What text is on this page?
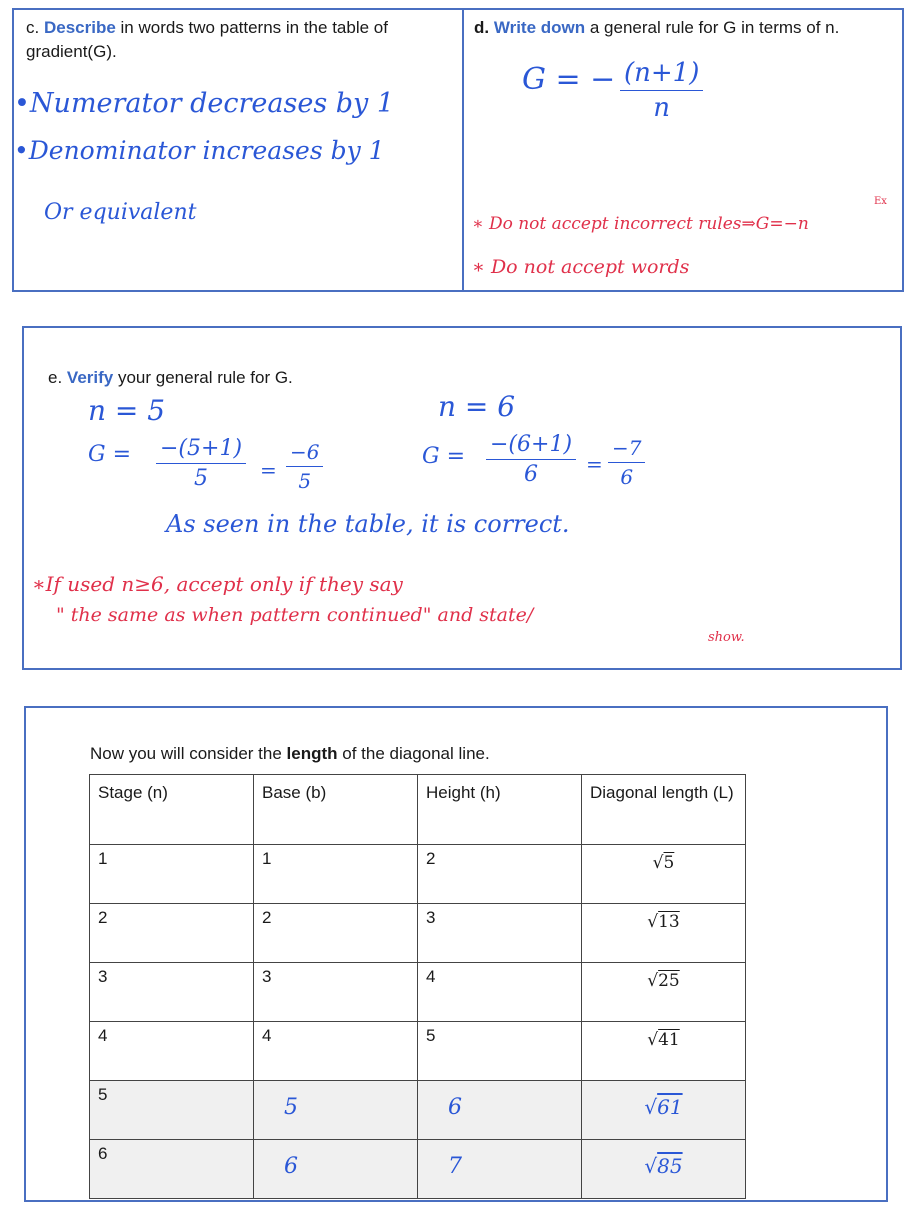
c. Describe in words two patterns in the table of gradient(G).
•Numerator decreases by 1
•Denominator increases by 1
Or equivalent
d. Write down a general rule for G in terms of n.
G = − $\frac{(n+1)}{n}$
Ex
∗ Do not accept incorrect rules⇒G=−n
∗ Do not accept words
e. Verify your general rule for G.
n = 5
$G = \frac{-(5+1)}{5} = \frac{-6}{5}$
n = 6
$G = \frac{-(6+1)}{6} = \frac{-7}{6}$
As seen in the table, it is correct.
∗If used n≥6, accept only if they say
" the same as when pattern continued" and state/
show.
Now you will consider the length of the diagonal line.
Stage (n)	Base (b)	Height (h)	Diagonal length (L)
1	1	2	√5
2	2	3	√13
3	3	4	√25
4	4	5	√41
5	5	6	√61
6	6	7	√85
